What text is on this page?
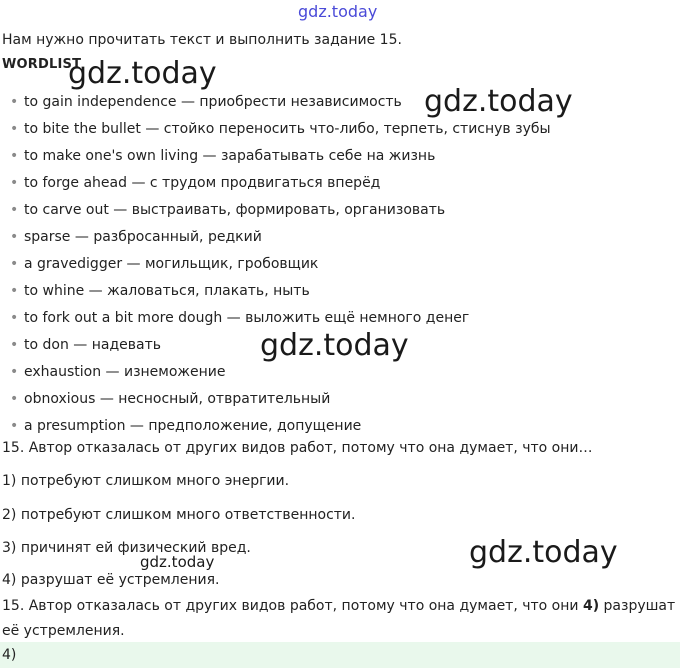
gdz.today
Нам нужно прочитать текст и выполнить задание 15.
WORDLIST
• to gain independence — приобрести независимость
• to bite the bullet — стойко переносить что-либо, терпеть, стиснув зубы
• to make one's own living — зарабатывать себе на жизнь
• to forge ahead — с трудом продвигаться вперёд
• to carve out — выстраивать, формировать, организовать
• sparse — разбросанный, редкий
• a gravedigger — могильщик, гробовщик
• to whine — жаловаться, плакать, ныть
• to fork out a bit more dough — выложить ещё немного денег
• to don — надевать
• exhaustion — изнеможение
• obnoxious — несносный, отвратительный
• a presumption — предположение, допущение
15. Автор отказалась от других видов работ, потому что она думает, что они…
1) потребуют слишком много энергии.
2) потребуют слишком много ответственности.
3) причинят ей физический вред.
4) разрушат её устремления.
15. Автор отказалась от других видов работ, потому что она думает, что они 4) разрушат
её устремления.
4)
gdz.today
gdz.today
gdz.today
gdz.today
gdz.today
